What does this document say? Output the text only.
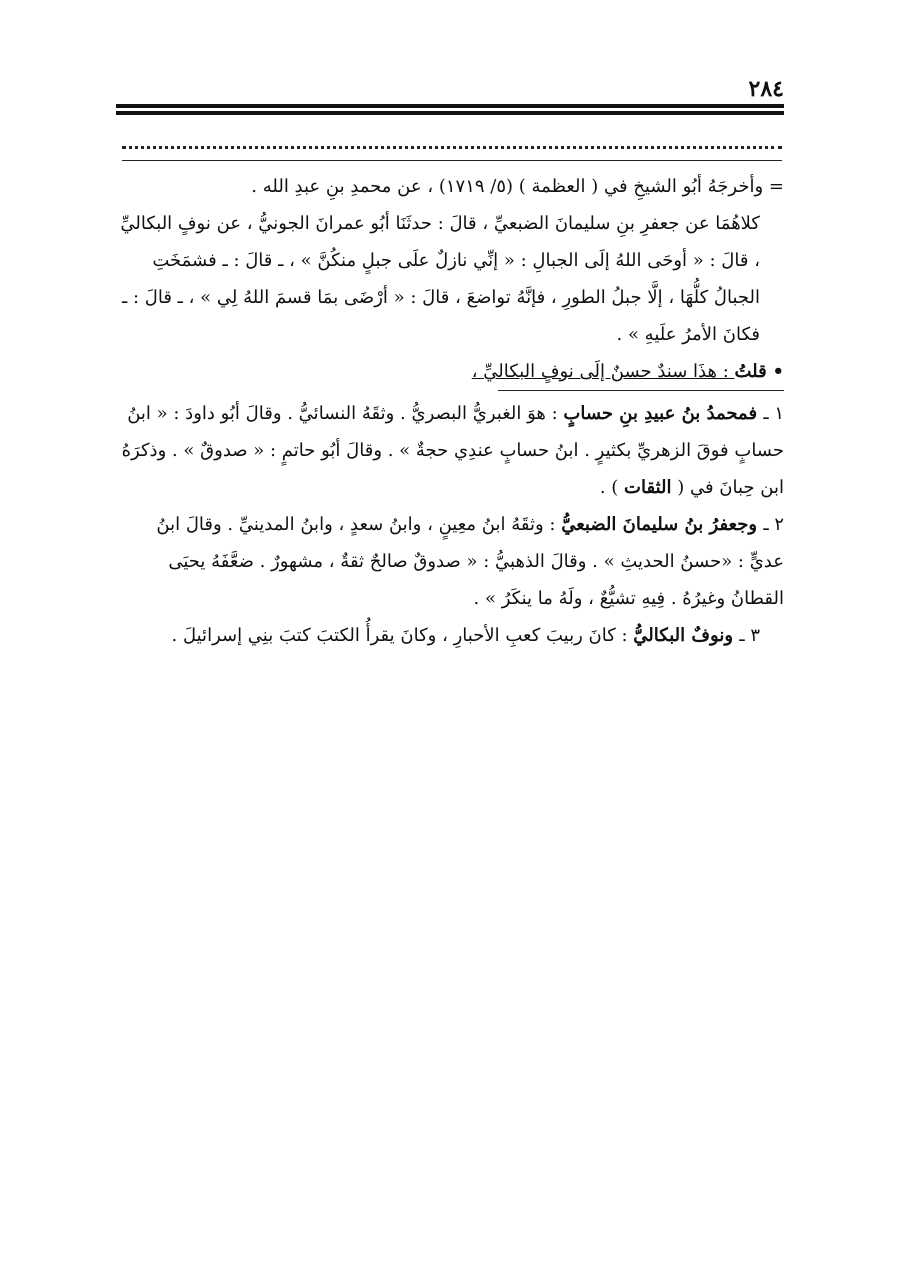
٢٨٤

= وأخرجَهُ أبُو الشيخِ في ( العظمة ) (٥/ ١٧١٩) ، عن محمدِ بنِ عبدِ الله .

كلاهُمَا عن جعفرِ بنِ سليمانَ الضبعيِّ ، قالَ : حدثَنَا أبُو عمرانَ الجونيُّ ، عن نوفٍ البكاليِّ ، قالَ : « أوحَى اللهُ إلَى الجبالِ : « إنِّي نازلٌ علَى جبلٍ منكُنَّ » ، ـ قالَ : ـ فشمَخَتِ الجبالُ كلُّهَا ، إلَّا جبلُ الطورِ ، فإنَّهُ تواضعَ ، قالَ : « أرْضَى بمَا قسمَ اللهُ لِي » ، ـ قالَ : ـ فكانَ الأمرُ علَيهِ » .

• قلتُ : هذَا سندٌ حسنٌ إلَى نوفٍ البكاليِّ ،

١ ـ فمحمدُ بنُ عبيدِ بنِ حسابٍ : هوَ الغبريُّ البصريُّ . وثقَهُ النسائيُّ . وقالَ أبُو داودَ : « ابنُ حسابٍ فوقَ الزهريِّ بكثيرٍ . ابنُ حسابٍ عندِي حجةٌ » . وقالَ أبُو حاتمٍ : « صدوقٌ » . وذكرَهُ ابن حِبانَ في ( الثقات ) .

٢ ـ وجعفرُ بنُ سليمانَ الضبعيُّ : وثقَهُ ابنُ معِينٍ ، وابنُ سعدٍ ، وابنُ المدينيِّ . وقالَ ابنُ عديٍّ : «حسنُ الحديثِ » . وقالَ الذهبيُّ : « صدوقٌ صالحٌ ثقةٌ ، مشهورٌ . ضعَّفَهُ يحيَى القطانُ وغيرُهُ . فِيهِ تشيُّعٌ ، ولَهُ ما ينكَرُ » .

٣ ـ ونوفٌ البكاليُّ : كانَ ربيبَ كعبِ الأحبارِ ، وكانَ يقرأُ الكتبَ كتبَ بنِي إسرائيلَ .
